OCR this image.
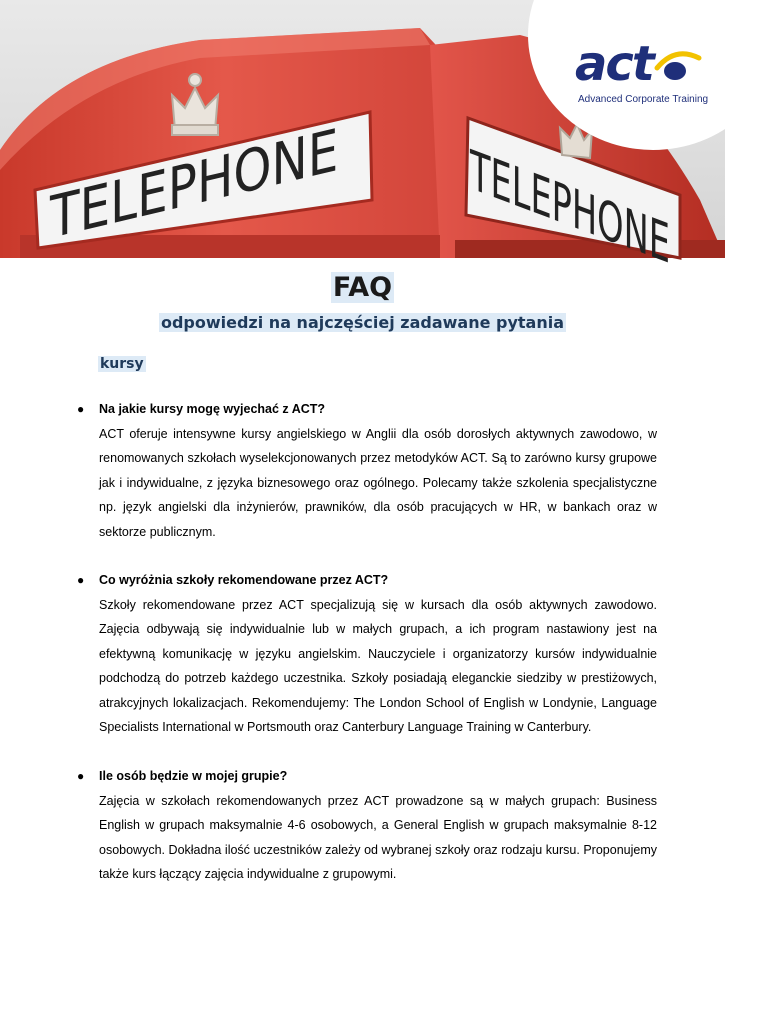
TELEPHONE TELEPHONE
act
Advanced Corporate Training
FAQ
odpowiedzi na najczęściej zadawane pytania
kursy
● Na jakie kursy mogę wyjechać z ACT?
ACT oferuje intensywne kursy angielskiego w Anglii dla osób dorosłych aktywnych zawodowo, w renomowanych szkołach wyselekcjonowanych przez metodyków ACT. Są to zarówno kursy grupowe jak i indywidualne, z języka biznesowego oraz ogólnego. Polecamy także szkolenia specjalistyczne np. język angielski dla inżynierów, prawników, dla osób pracujących w HR, w bankach oraz w sektorze publicznym.
● Co wyróżnia szkoły rekomendowane przez ACT?
Szkoły rekomendowane przez ACT specjalizują się w kursach dla osób aktywnych zawodowo. Zajęcia odbywają się indywidualnie lub w małych grupach, a ich program nastawiony jest na efektywną komunikację w języku angielskim. Nauczyciele i organizatorzy kursów indywidualnie podchodzą do potrzeb każdego uczestnika. Szkoły posiadają eleganckie siedziby w prestiżowych, atrakcyjnych lokalizacjach. Rekomendujemy: The London School of English w Londynie, Language Specialists International w Portsmouth oraz Canterbury Language Training w Canterbury.
● Ile osób będzie w mojej grupie?
Zajęcia w szkołach rekomendowanych przez ACT prowadzone są w małych grupach: Business English w grupach maksymalnie 4-6 osobowych, a General English w grupach maksymalnie 8-12 osobowych. Dokładna ilość uczestników zależy od wybranej szkoły oraz rodzaju kursu. Proponujemy także kurs łączący zajęcia indywidualne z grupowymi.
